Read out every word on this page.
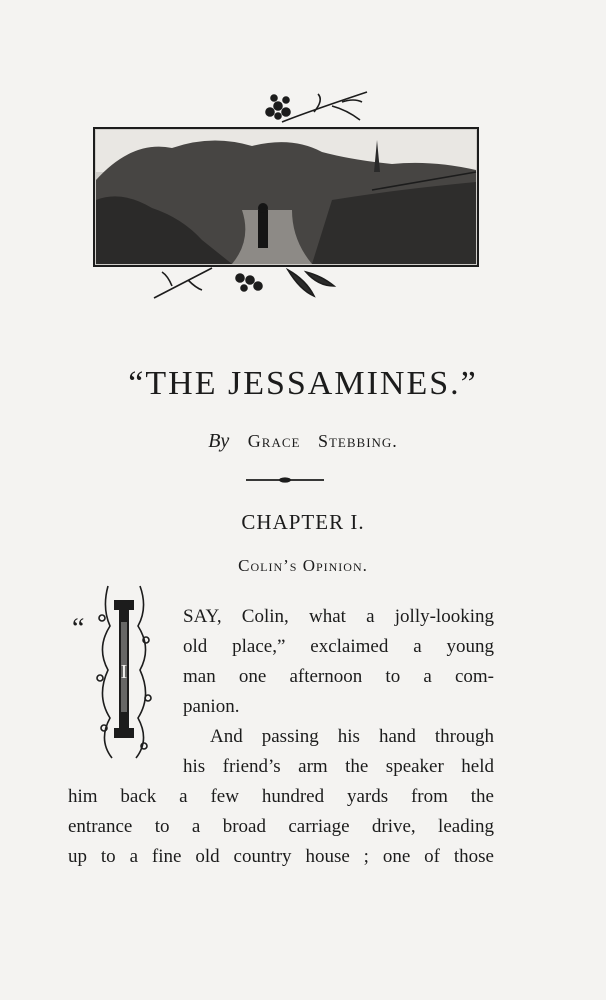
“THE JESSAMINES.”
By Grace Stebbing.
CHAPTER I.
Colin’s Opinion.
“
I
SAY, Colin, what a jolly-looking
old place,” exclaimed a young
man one afternoon to a com-
panion.
And passing his hand through
his friend’s arm the speaker held
him back a few hundred yards from the
entrance to a broad carriage drive, leading
up to a fine old country house ; one of those
